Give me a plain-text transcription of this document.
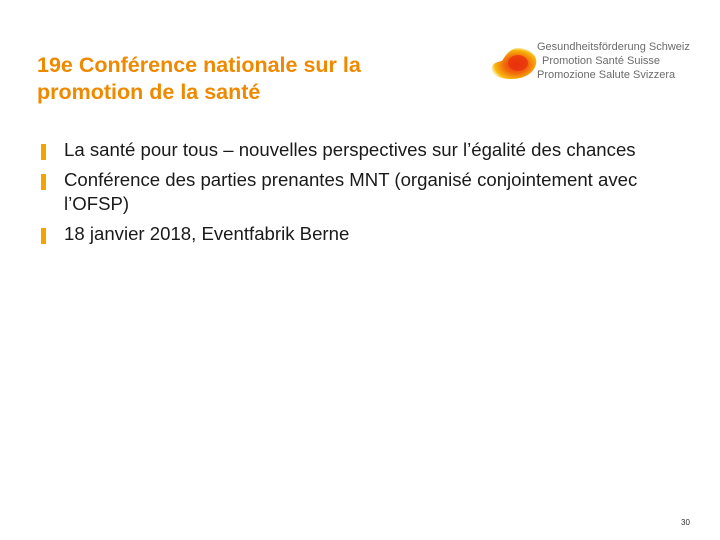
19e Conférence nationale sur la
promotion de la santé
Gesundheitsförderung Schweiz
Promotion Santé Suisse
Promozione Salute Svizzera
La santé pour tous – nouvelles perspectives sur l’égalité des chances
Conférence des parties prenantes MNT (organisé conjointement avec l’OFSP)
18 janvier 2018, Eventfabrik Berne
30
